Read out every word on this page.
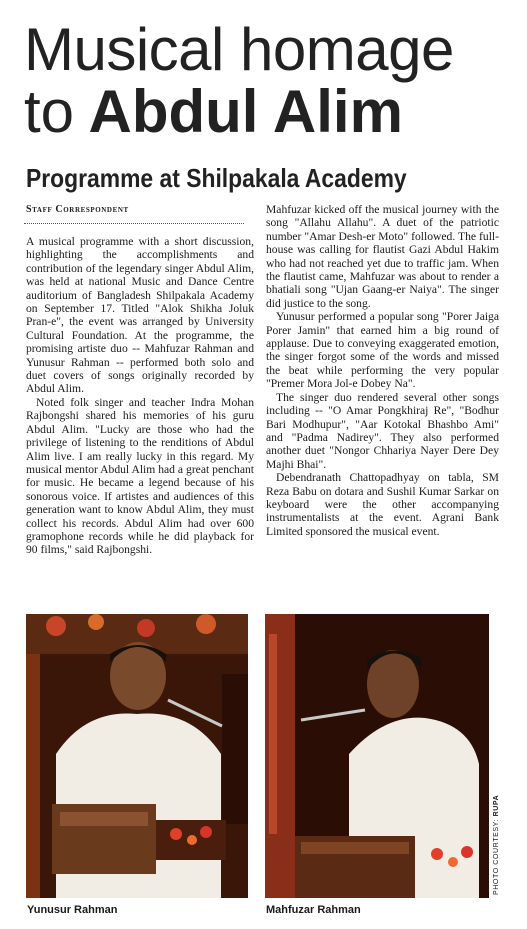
Musical homage
to Abdul Alim
Programme at Shilpakala Academy
Staff Correspondent

A musical programme with a short discussion, highlighting the accomplishments and contribution of the legendary singer Abdul Alim, was held at national Music and Dance Centre auditorium of Bangladesh Shilpakala Academy on September 17. Titled "Alok Shikha Joluk Pran-e", the event was arranged by University Cultural Foundation. At the programme, the promising artiste duo -- Mahfuzar Rahman and Yunusur Rahman -- performed both solo and duet covers of songs originally recorded by Abdul Alim.

Noted folk singer and teacher Indra Mohan Rajbongshi shared his memories of his guru Abdul Alim. "Lucky are those who had the privilege of listening to the renditions of Abdul Alim live. I am really lucky in this regard. My musical mentor Abdul Alim had a great penchant for music. He became a legend because of his sonorous voice. If artistes and audiences of this generation want to know Abdul Alim, they must collect his records. Abdul Alim had over 600 gramophone records while he did playback for 90 films," said Rajbongshi.

Mahfuzar kicked off the musical journey with the song "Allahu Allahu". A duet of the patriotic number "Amar Desh-er Moto" followed. The full-house was calling for flautist Gazi Abdul Hakim who had not reached yet due to traffic jam. When the flautist came, Mahfuzar was about to render a bhatiali song "Ujan Gaang-er Naiya". The singer did justice to the song.

Yunusur performed a popular song "Porer Jaiga Porer Jamin" that earned him a big round of applause. Due to conveying exaggerated emotion, the singer forgot some of the words and missed the beat while performing the very popular "Premer Mora Jol-e Dobey Na".

The singer duo rendered several other songs including -- "O Amar Pongkhiraj Re", "Bodhur Bari Modhupur", "Aar Kotokal Bhashbo Ami" and "Padma Nadirey". They also performed another duet "Nongor Chhariya Nayer Dere Dey Majhi Bhai".

Debendranath Chattopadhyay on tabla, SM Reza Babu on dotara and Sushil Kumar Sarkar on keyboard were the other accompanying instrumentalists at the event. Agrani Bank Limited sponsored the musical event.

Yunusur Rahman	Mahfuzar Rahman
PHOTO COURTESY: RUPA
